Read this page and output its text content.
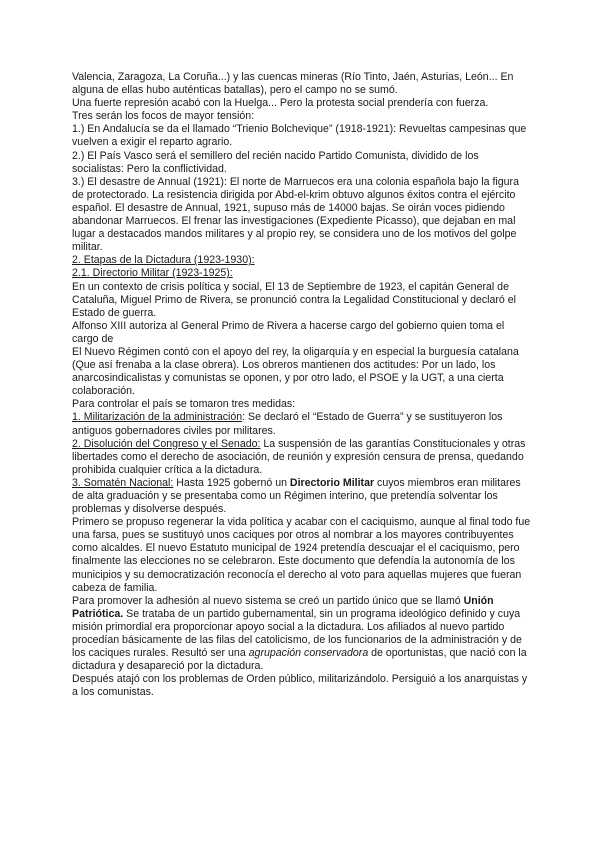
Valencia, Zaragoza, La Coruña...) y las cuencas mineras (Río Tinto, Jaén, Asturias, León... En alguna de ellas hubo auténticas batallas), pero el campo no se sumó.

Una fuerte represión acabó con la Huelga... Pero la protesta social prendería con fuerza.

Tres serán los focos de mayor tensión:

1.) En Andalucía se da el llamado “Trienio Bolchevique” (1918-1921): Revueltas campesinas que vuelven a exigir el reparto agrario.

2.) El País Vasco será el semillero del recién nacido Partido Comunista, dividido de los socialistas: Pero la conflictividad.

3.) El desastre de Annual (1921): El norte de Marruecos era una colonia española bajo la figura de protectorado. La resistencia dirigida por Abd-el-krim obtuvo algunos éxitos contra el ejército español. El desastre de Annual, 1921, supuso más de 14000 bajas. Se oirán voces pidiendo abandonar Marruecos. El frenar las investigaciones (Expediente Picasso), que dejaban en mal lugar a destacados mandos militares y al propio rey, se considera uno de los motivos del golpe militar.

2. Etapas de la Dictadura (1923-1930):

2.1. Directorio Militar (1923-1925):

En un contexto de crisis política y social, El 13 de Septiembre de 1923, el capitán General de Cataluña, Miguel Primo de Rivera, se pronunció contra la Legalidad Constitucional y declaró el Estado de guerra.

Alfonso XIII autoriza al General Primo de Rivera a hacerse cargo del gobierno quien toma el cargo de

El Nuevo Régimen contó con el apoyo del rey, la oligarquía y en especial la burguesía catalana (Que así frenaba a la clase obrera). Los obreros mantienen dos actitudes: Por un lado, los anarcosindicalistas y comunistas se oponen, y por otro lado, el PSOE y la UGT, a una cierta colaboración.

Para controlar el país se tomaron tres medidas:

1. Militarización de la administración: Se declaró el “Estado de Guerra” y se sustituyeron los antiguos gobernadores civiles por militares.

2. Disolución del Congreso y el Senado: La suspensión de las garantías Constitucionales y otras libertades como el derecho de asociación, de reunión y expresión censura de prensa, quedando prohibida cualquier crítica a la dictadura.

3. Somatén Nacional: Hasta 1925 gobernó un Directorio Militar cuyos miembros eran militares de alta graduación y se presentaba como un Régimen interino, que pretendía solventar los problemas y disolverse después.

Primero se propuso regenerar la vida política y acabar con el caciquismo, aunque al final todo fue una farsa, pues se sustituyó unos caciques por otros al nombrar a los mayores contribuyentes como alcaldes. El nuevo Estatuto municipal de 1924 pretendía descuajar el el caciquismo, pero finalmente las elecciones no se celebraron. Este documento que defendía la autonomía de los municipios y su democratización reconocía el derecho al voto para aquellas mujeres que fueran cabeza de familia.

Para promover la adhesión al nuevo sistema se creó un partido único que se llamó Unión Patriótica. Se trataba de un partido gubernamental, sin un programa ideológico definido y cuya misión primordial era proporcionar apoyo social a la dictadura. Los afiliados al nuevo partido procedían básicamente de las filas del catolicismo, de los funcionarios de la administración y de los caciques rurales. Resultó ser una agrupación conservadora de oportunistas, que nació con la dictadura y desapareció por la dictadura.

Después atajó con los problemas de Orden público, militarizándolo. Persiguió a los anarquistas y a los comunistas.
